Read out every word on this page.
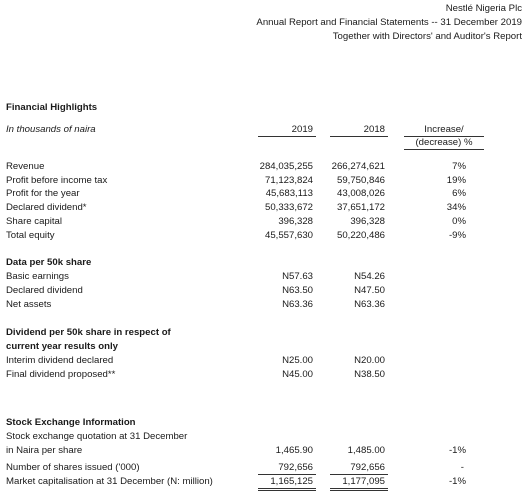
Nestlé Nigeria Plc
Annual Report and Financial Statements -- 31 December 2019
Together with Directors' and Auditor's Report
Financial Highlights
In thousands of naira	2019	2018	Increase/
(decrease) %
Revenue	284,035,255 266,274,621	7%
Profit before income tax	71,123,824 59,750,846	19%
Profit for the year	45,683,113 43,008,026	6%
Declared dividend*	50,333,672 37,651,172	34%
Share capital	396,328	396,328	0%
Total equity	45,557,630 50,220,486	-9%
Data per 50k share
Basic earnings	N57.63	N54.26
Declared dividend	N63.50	N47.50
Net assets	N63.36	N63.36
Dividend per 50k share in respect of
current year results only
Interim dividend declared	N25.00	N20.00
Final dividend proposed**	N45.00	N38.50
Stock Exchange Information
Stock exchange quotation at 31 December
in Naira per share	1,465.90	1,485.00	-1%
Number of shares issued ('000)	792,656	792,656	-
Market capitalisation at 31 December (N: million)	1,165,125	1,177,095	-1%
